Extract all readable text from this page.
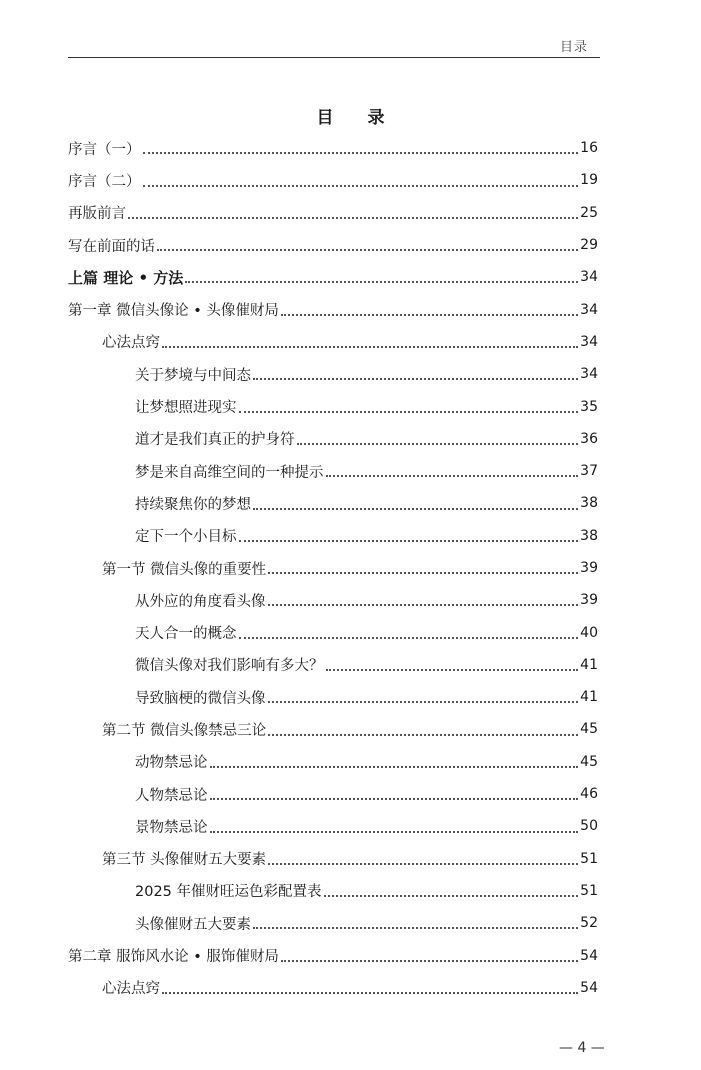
目录
目 录
序言（一）	16
序言（二）	19
再版前言	25
写在前面的话	29
上篇 理论 • 方法	34
第一章 微信头像论 • 头像催财局	34
心法点窍	34
关于梦境与中间态	34
让梦想照进现实	35
道才是我们真正的护身符	36
梦是来自高维空间的一种提示	37
持续聚焦你的梦想	38
定下一个小目标	38
第一节 微信头像的重要性	39
从外应的角度看头像	39
天人合一的概念	40
微信头像对我们影响有多大？	41
导致脑梗的微信头像	41
第二节 微信头像禁忌三论	45
动物禁忌论	45
人物禁忌论	46
景物禁忌论	50
第三节 头像催财五大要素	51
2025 年催财旺运色彩配置表	51
头像催财五大要素	52
第二章 服饰风水论 • 服饰催财局	54
心法点窍	54
— 4 —
